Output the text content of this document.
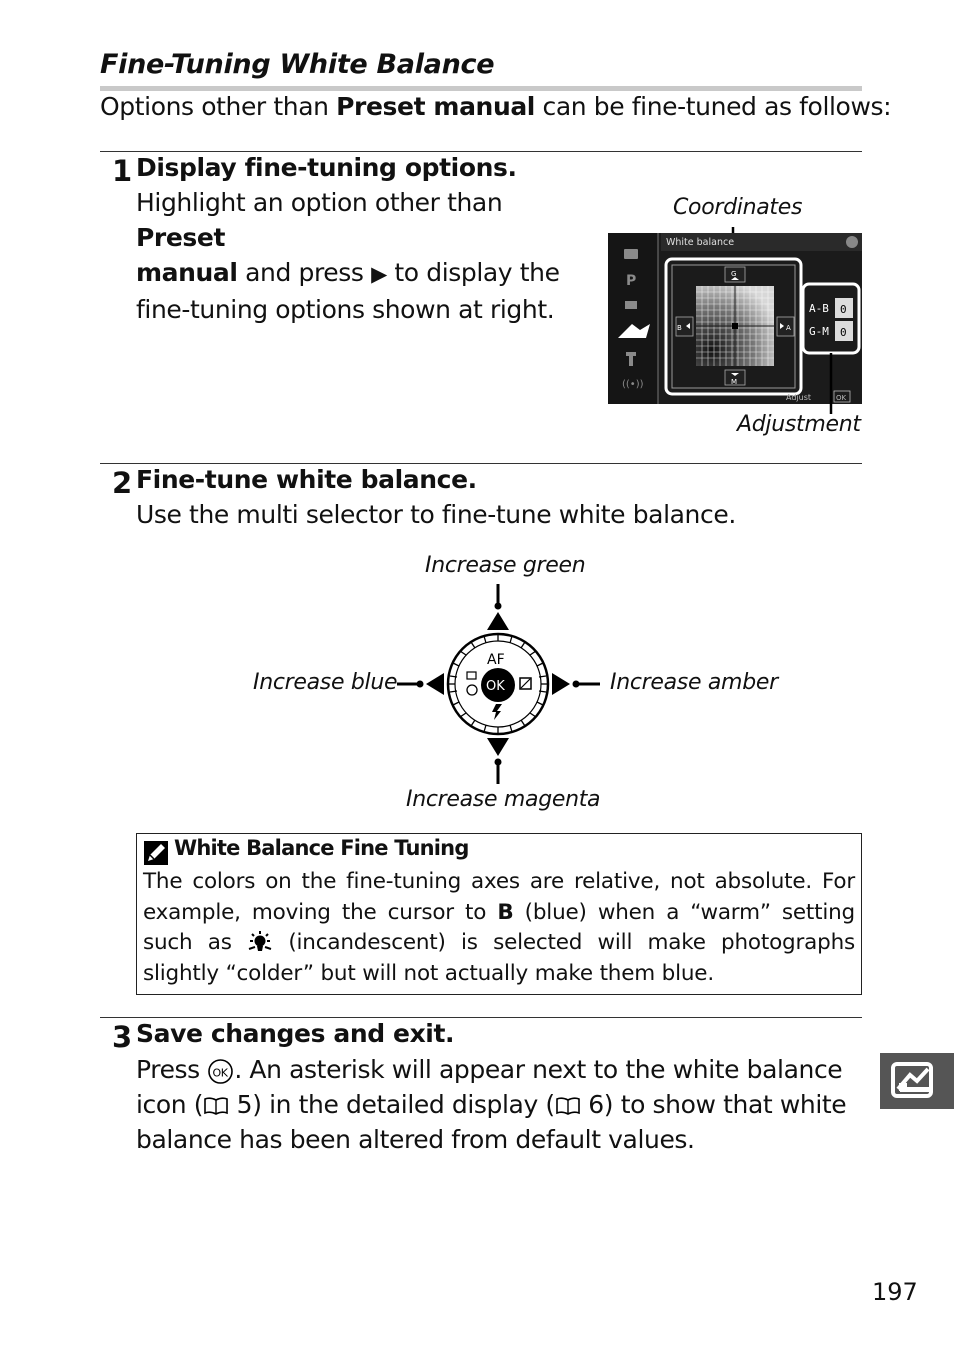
Fine-Tuning White Balance
Options other than Preset manual can be fine-tuned as follows:
1 Display fine-tuning options.
Highlight an option other than Preset
manual and press ▶ to display the
fine-tuning options shown at right.
Coordinates
Adjustment
P
((•))
White balance
G
M
B	A
A-B 0
G-M 0
Adjust	OK
2 Fine-tune white balance.
Use the multi selector to fine-tune white balance.
Increase green
Increase magenta
Increase blue	Increase amber
AF
OK
White Balance Fine Tuning
The colors on the fine-tuning axes are relative, not absolute. For example, moving the cursor to B (blue) when a “warm” setting such as  (incandescent) is selected will make photographs slightly “colder” but will not actually make them blue.
3 Save changes and exit.
Press OK . An asterisk will appear next to the white balance
icon ( 5) in the detailed display ( 6) to show that white
balance has been altered from default values.
197
